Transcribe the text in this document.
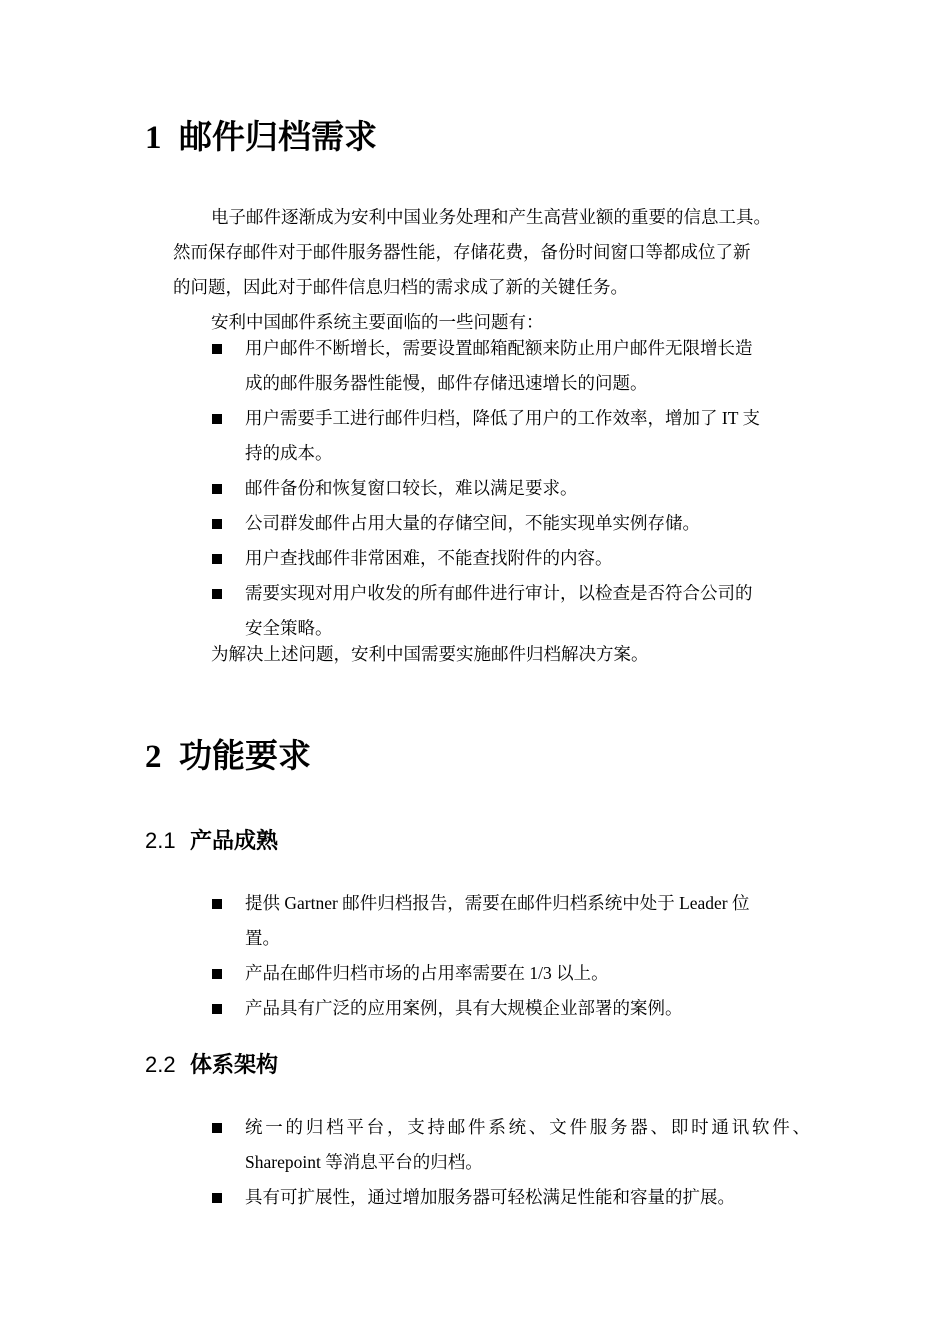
1 邮件归档需求
电子邮件逐渐成为安利中国业务处理和产生高营业额的重要的信息工具。
然而保存邮件对于邮件服务器性能，存储花费，备份时间窗口等都成位了新
的问题，因此对于邮件信息归档的需求成了新的关键任务。
安利中国邮件系统主要面临的一些问题有：
用户邮件不断增长，需要设置邮箱配额来防止用户邮件无限增长造
成的邮件服务器性能慢，邮件存储迅速增长的问题。
用户需要手工进行邮件归档，降低了用户的工作效率，增加了 IT 支
持的成本。
邮件备份和恢复窗口较长，难以满足要求。
公司群发邮件占用大量的存储空间，不能实现单实例存储。
用户查找邮件非常困难，不能查找附件的内容。
需要实现对用户收发的所有邮件进行审计，以检查是否符合公司的
安全策略。
为解决上述问题，安利中国需要实施邮件归档解决方案。
2 功能要求
2.1 产品成熟
提供 Gartner 邮件归档报告，需要在邮件归档系统中处于 Leader 位
置。
产品在邮件归档市场的占用率需要在 1/3 以上。
产品具有广泛的应用案例，具有大规模企业部署的案例。
2.2 体系架构
统一的归档平台，支持邮件系统、文件服务器、即时通讯软件、
Sharepoint 等消息平台的归档。
具有可扩展性，通过增加服务器可轻松满足性能和容量的扩展。
